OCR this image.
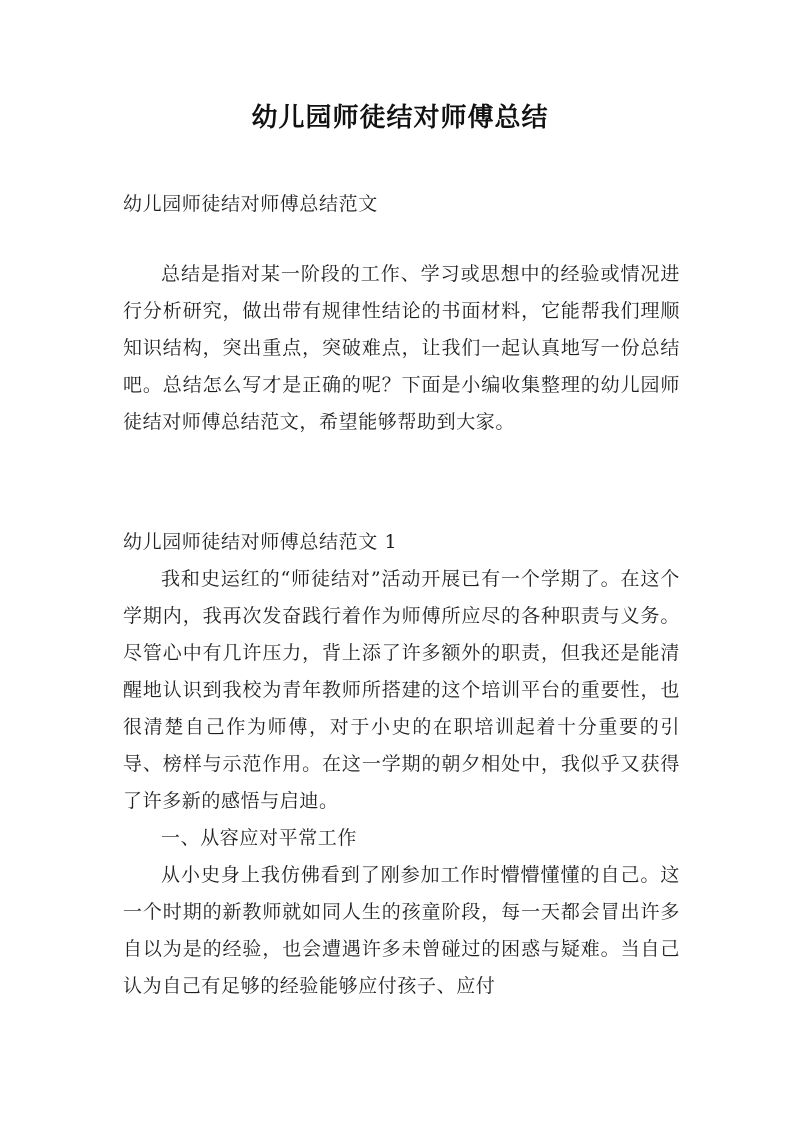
幼儿园师徒结对师傅总结

幼儿园师徒结对师傅总结范文

总结是指对某一阶段的工作、学习或思想中的经验或情况进行分析研究，做出带有规律性结论的书面材料，它能帮我们理顺知识结构，突出重点，突破难点，让我们一起认真地写一份总结吧。总结怎么写才是正确的呢？下面是小编收集整理的幼儿园师徒结对师傅总结范文，希望能够帮助到大家。

幼儿园师徒结对师傅总结范文 1

我和史运红的“师徒结对”活动开展已有一个学期了。在这个学期内，我再次发奋践行着作为师傅所应尽的各种职责与义务。尽管心中有几许压力，背上添了许多额外的职责，但我还是能清醒地认识到我校为青年教师所搭建的这个培训平台的重要性，也很清楚自己作为师傅，对于小史的在职培训起着十分重要的引导、榜样与示范作用。在这一学期的朝夕相处中，我似乎又获得了许多新的感悟与启迪。

一、从容应对平常工作

从小史身上我仿佛看到了刚参加工作时懵懵懂懂的自己。这一个时期的新教师就如同人生的孩童阶段，每一天都会冒出许多自以为是的经验，也会遭遇许多未曾碰过的困惑与疑难。当自己认为自己有足够的经验能够应付孩子、应付
